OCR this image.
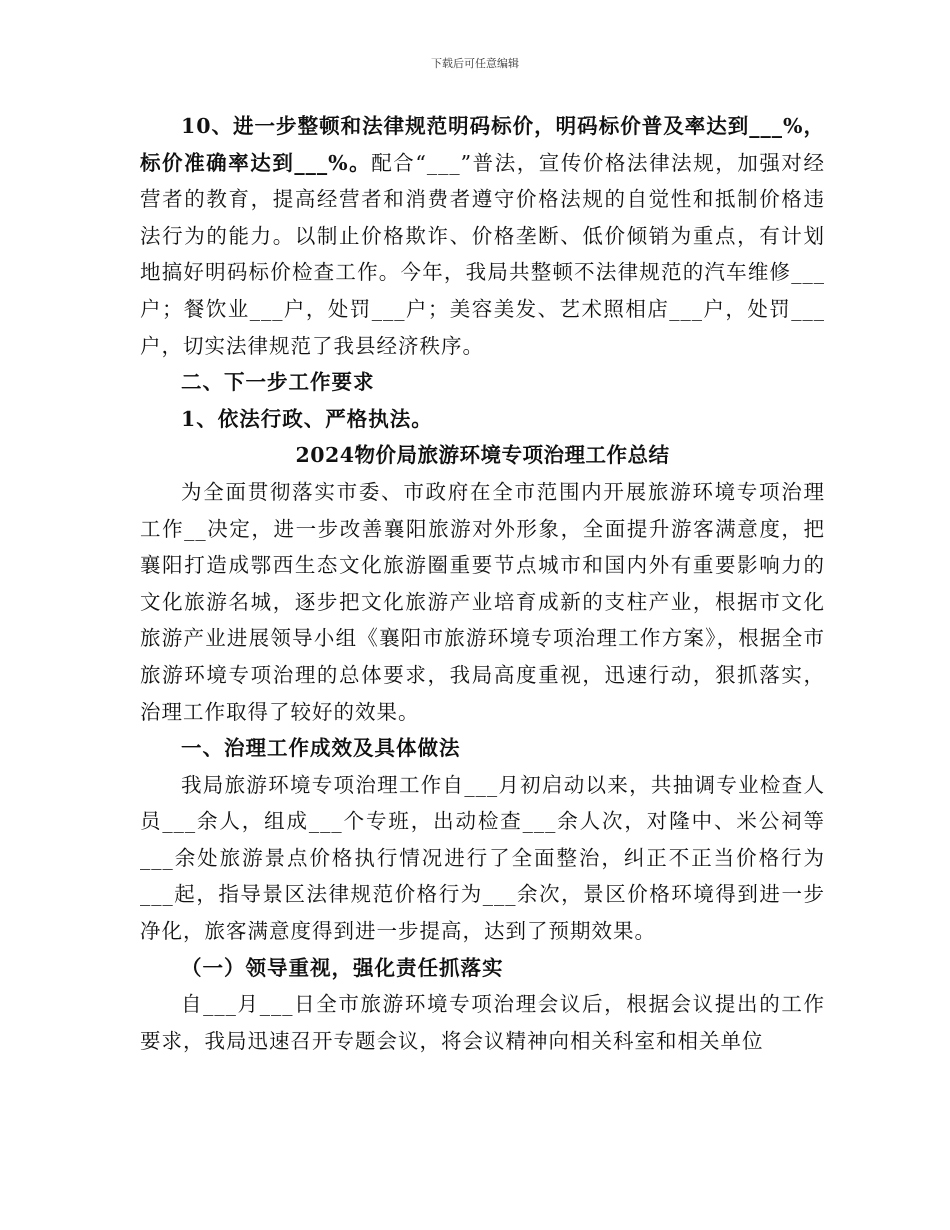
下载后可任意编辑

10、进一步整顿和法律规范明码标价，明码标价普及率达到___%，标价准确率达到___%。配合“___”普法，宣传价格法律法规，加强对经营者的教育，提高经营者和消费者遵守价格法规的自觉性和抵制价格违法行为的能力。以制止价格欺诈、价格垄断、低价倾销为重点，有计划地搞好明码标价检查工作。今年，我局共整顿不法律规范的汽车维修___户；餐饮业___户，处罚___户；美容美发、艺术照相店___户，处罚___户，切实法律规范了我县经济秩序。

二、下一步工作要求

1、依法行政、严格执法。

2024物价局旅游环境专项治理工作总结

为全面贯彻落实市委、市政府在全市范围内开展旅游环境专项治理工作__决定，进一步改善襄阳旅游对外形象，全面提升游客满意度，把襄阳打造成鄂西生态文化旅游圈重要节点城市和国内外有重要影响力的文化旅游名城，逐步把文化旅游产业培育成新的支柱产业，根据市文化旅游产业进展领导小组《襄阳市旅游环境专项治理工作方案》，根据全市旅游环境专项治理的总体要求，我局高度重视，迅速行动，狠抓落实，治理工作取得了较好的效果。

一、治理工作成效及具体做法

我局旅游环境专项治理工作自___月初启动以来，共抽调专业检查人员___余人，组成___个专班，出动检查___余人次，对隆中、米公祠等___余处旅游景点价格执行情况进行了全面整治，纠正不正当价格行为___起，指导景区法律规范价格行为___余次，景区价格环境得到进一步净化，旅客满意度得到进一步提高，达到了预期效果。

（一）领导重视，强化责任抓落实

自___月___日全市旅游环境专项治理会议后，根据会议提出的工作要求，我局迅速召开专题会议，将会议精神向相关科室和相关单位
